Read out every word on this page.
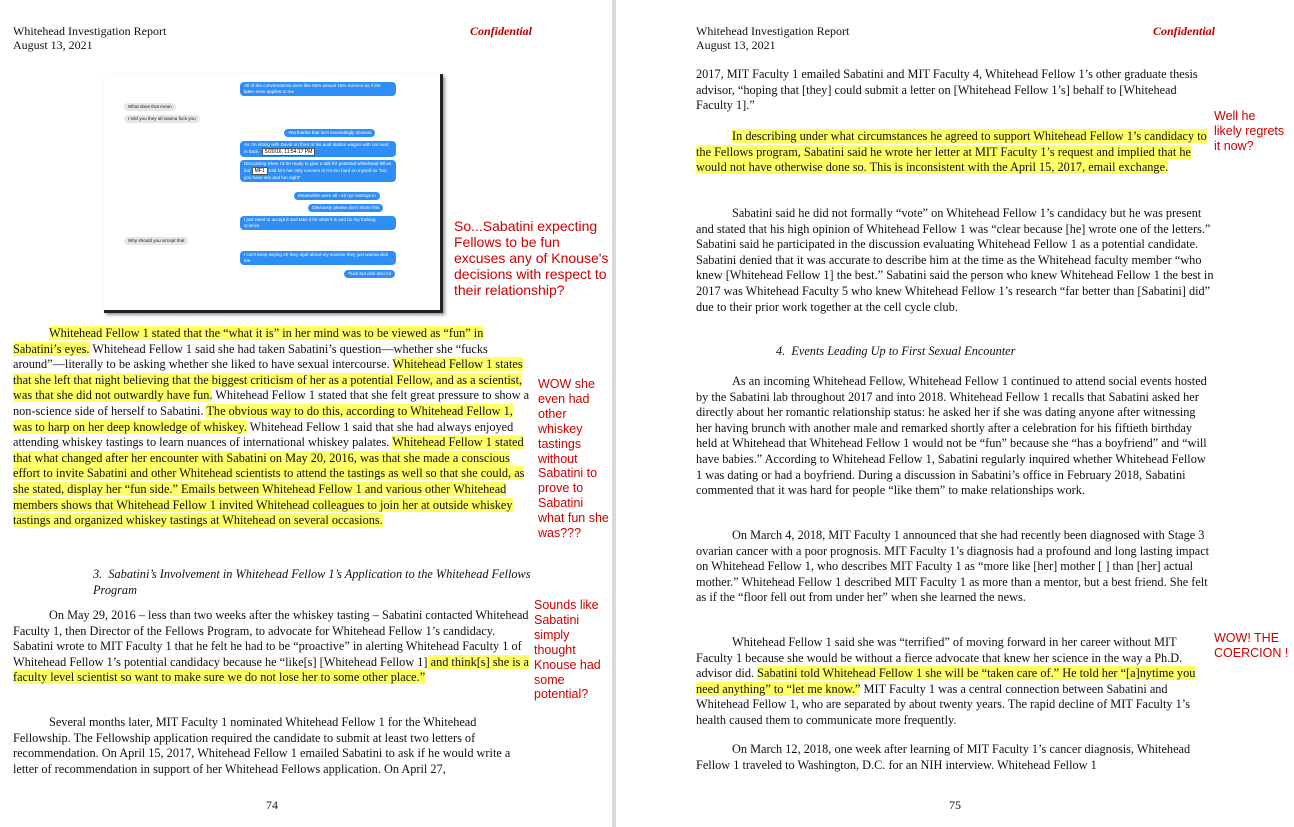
Whitehead Investigation Report
August 13, 2021
Confidential
All of the conversations were like 95% sexual 15% science as if the latter even applies to me
What does that mean
I told you they all wanna fuck you
Yea thanks that isn't exceedingly obvious
As I'm sitting with David on front of his audi station wagon with car seat in back 5/20/16, 11:54:17 PM
Discussing when I'd be ready to give a talk for potential whitehead fellow but MF1 told him her only concern is I'm too hard on myself so "but you have sex and fun night"
Meanwhile were all ~10 rye tastings in
Obviously please don't share this
I just need to accept it and take it for what it is and do my fucking science
Why should you accept that
I can't keep saying oh they dgaf about my science they just wanna dick me
*fuck but dick also lol
So...Sabatini expecting Fellows to be fun excuses any of Knouse's decisions with respect to their relationship?

Whitehead Fellow 1 stated that the “what it is” in her mind was to be viewed as “fun” in Sabatini’s eyes. Whitehead Fellow 1 said she had taken Sabatini’s question—whether she “fucks around”—literally to be asking whether she liked to have sexual intercourse. Whitehead Fellow 1 states that she left that night believing that the biggest criticism of her as a potential Fellow, and as a scientist, was that she did not outwardly have fun. Whitehead Fellow 1 stated that she felt great pressure to show a non-science side of herself to Sabatini. The obvious way to do this, according to Whitehead Fellow 1, was to harp on her deep knowledge of whiskey. Whitehead Fellow 1 said that she had always enjoyed attending whiskey tastings to learn nuances of international whiskey palates. Whitehead Fellow 1 stated that what changed after her encounter with Sabatini on May 20, 2016, was that she made a conscious effort to invite Sabatini and other Whitehead scientists to attend the tastings as well so that she could, as she stated, display her “fun side.” Emails between Whitehead Fellow 1 and various other Whitehead members shows that Whitehead Fellow 1 invited Whitehead colleagues to join her at outside whiskey tastings and organized whiskey tastings at Whitehead on several occasions.

WOW she even had other whiskey tastings without Sabatini to prove to Sabatini what fun she was???
3.  Sabatini’s Involvement in Whitehead Fellow 1’s Application to the Whitehead Fellows Program

On May 29, 2016 – less than two weeks after the whiskey tasting – Sabatini contacted Whitehead Faculty 1, then Director of the Fellows Program, to advocate for Whitehead Fellow 1’s candidacy. Sabatini wrote to MIT Faculty 1 that he felt he had to be “proactive” in alerting Whitehead Faculty 1 of Whitehead Fellow 1’s potential candidacy because he “like[s] [Whitehead Fellow 1] and think[s] she is a faculty level scientist so want to make sure we do not lose her to some other place.”

Sounds like Sabatini simply thought Knouse had some potential?

Several months later, MIT Faculty 1 nominated Whitehead Fellow 1 for the Whitehead Fellowship. The Fellowship application required the candidate to submit at least two letters of recommendation. On April 15, 2017, Whitehead Fellow 1 emailed Sabatini to ask if he would write a letter of recommendation in support of her Whitehead Fellows application. On April 27,

74
Whitehead Investigation Report
August 13, 2021
Confidential

2017, MIT Faculty 1 emailed Sabatini and MIT Faculty 4, Whitehead Fellow 1’s other graduate thesis advisor, “hoping that [they] could submit a letter on [Whitehead Fellow 1’s] behalf to [Whitehead Faculty 1].”

In describing under what circumstances he agreed to support Whitehead Fellow 1’s candidacy to the Fellows program, Sabatini said he wrote her letter at MIT Faculty 1’s request and implied that he would not have otherwise done so. This is inconsistent with the April 15, 2017, email exchange.

Well he likely regrets it now?

Sabatini said he did not formally “vote” on Whitehead Fellow 1’s candidacy but he was present and stated that his high opinion of Whitehead Fellow 1 was “clear because [he] wrote one of the letters.” Sabatini said he participated in the discussion evaluating Whitehead Fellow 1 as a potential candidate. Sabatini denied that it was accurate to describe him at the time as the Whitehead faculty member “who knew [Whitehead Fellow 1] the best.” Sabatini said the person who knew Whitehead Fellow 1 the best in 2017 was Whitehead Faculty 5 who knew Whitehead Fellow 1’s research “far better than [Sabatini] did” due to their prior work together at the cell cycle club.

4.  Events Leading Up to First Sexual Encounter

As an incoming Whitehead Fellow, Whitehead Fellow 1 continued to attend social events hosted by the Sabatini lab throughout 2017 and into 2018. Whitehead Fellow 1 recalls that Sabatini asked her directly about her romantic relationship status: he asked her if she was dating anyone after witnessing her having brunch with another male and remarked shortly after a celebration for his fiftieth birthday held at Whitehead that Whitehead Fellow 1 would not be “fun” because she “has a boyfriend” and “will have babies.” According to Whitehead Fellow 1, Sabatini regularly inquired whether Whitehead Fellow 1 was dating or had a boyfriend. During a discussion in Sabatini’s office in February 2018, Sabatini commented that it was hard for people “like them” to make relationships work.

On March 4, 2018, MIT Faculty 1 announced that she had recently been diagnosed with Stage 3 ovarian cancer with a poor prognosis. MIT Faculty 1’s diagnosis had a profound and long lasting impact on Whitehead Fellow 1, who describes MIT Faculty 1 as “more like [her] mother [ ] than [her] actual mother.” Whitehead Fellow 1 described MIT Faculty 1 as more than a mentor, but a best friend. She felt as if the “floor fell out from under her” when she learned the news.

Whitehead Fellow 1 said she was “terrified” of moving forward in her career without MIT Faculty 1 because she would be without a fierce advocate that knew her science in the way a Ph.D. advisor did. Sabatini told Whitehead Fellow 1 she will be “taken care of.” He told her “[a]nytime you need anything” to “let me know.” MIT Faculty 1 was a central connection between Sabatini and Whitehead Fellow 1, who are separated by about twenty years. The rapid decline of MIT Faculty 1’s health caused them to communicate more frequently.

WOW! THE COERCION !

On March 12, 2018, one week after learning of MIT Faculty 1’s cancer diagnosis, Whitehead Fellow 1 traveled to Washington, D.C. for an NIH interview. Whitehead Fellow 1

75
